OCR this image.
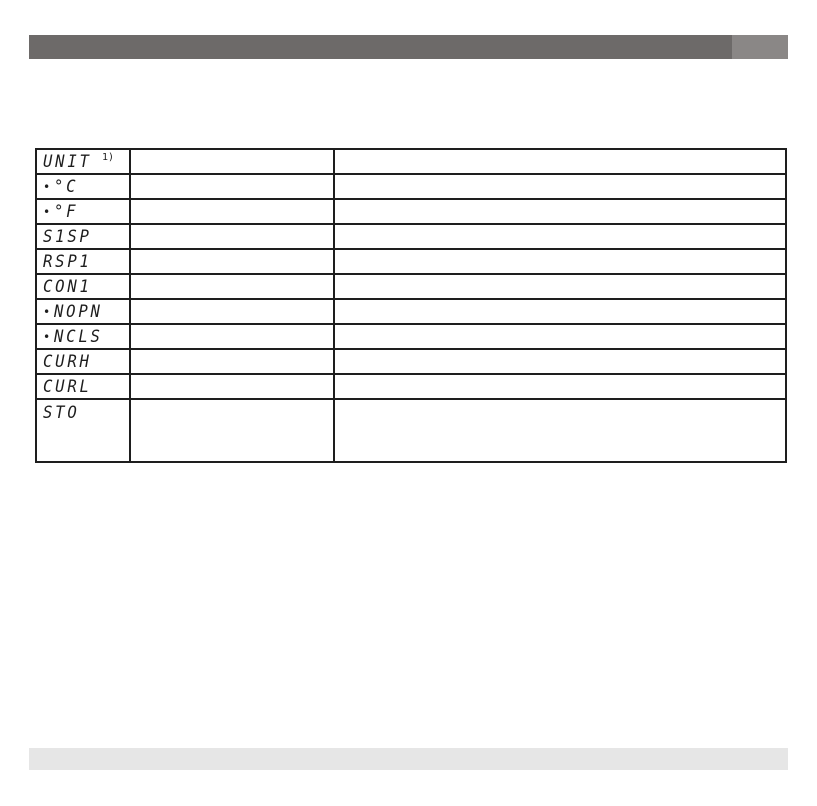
UNIT $^{1)}$		
• °C		
• °F		
S1SP		
RSP1		
CON1		
• NOPN		
• NCLS		
CURH		
CURL		
STO		
